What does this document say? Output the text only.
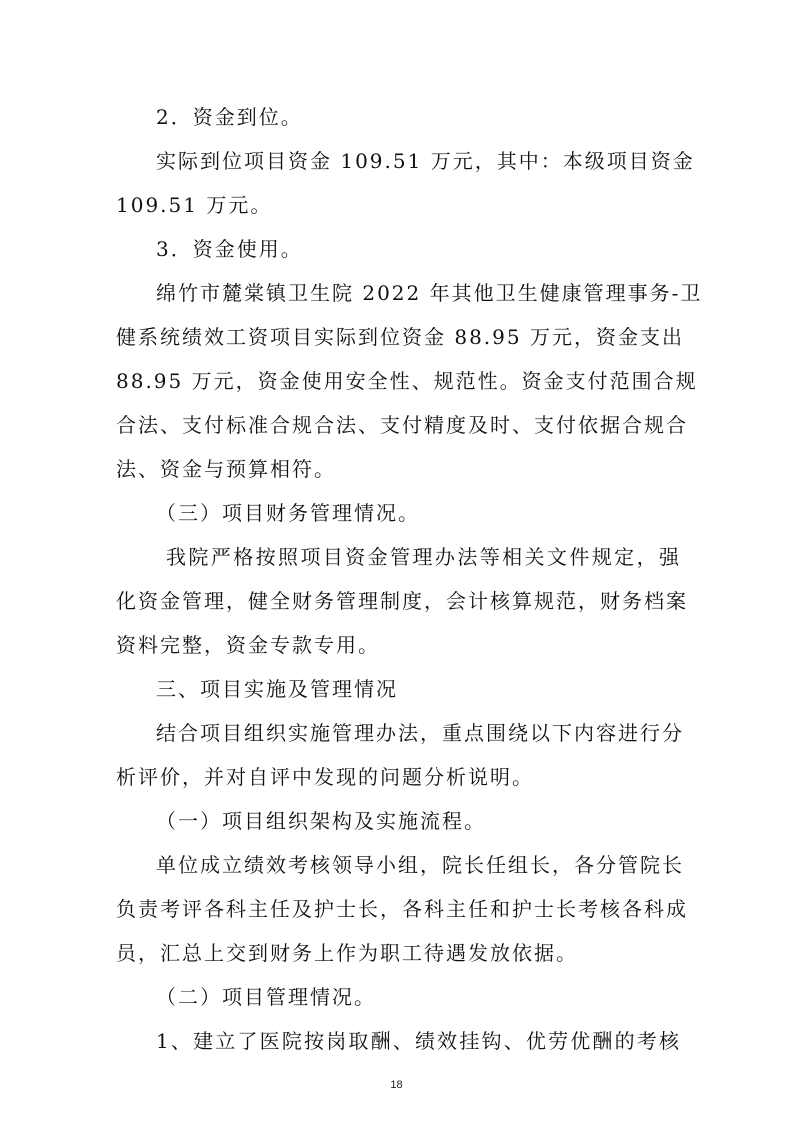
2．资金到位。
实际到位项目资金 109.51 万元，其中：本级项目资金
109.51 万元。
3．资金使用。
绵竹市麓棠镇卫生院 2022 年其他卫生健康管理事务-卫
健系统绩效工资项目实际到位资金 88.95 万元，资金支出
88.95 万元，资金使用安全性、规范性。资金支付范围合规
合法、支付标准合规合法、支付精度及时、支付依据合规合
法、资金与预算相符。
（三）项目财务管理情况。
我院严格按照项目资金管理办法等相关文件规定，强
化资金管理，健全财务管理制度，会计核算规范，财务档案
资料完整，资金专款专用。
三、项目实施及管理情况
结合项目组织实施管理办法，重点围绕以下内容进行分
析评价，并对自评中发现的问题分析说明。
（一）项目组织架构及实施流程。
单位成立绩效考核领导小组，院长任组长，各分管院长
负责考评各科主任及护士长，各科主任和护士长考核各科成
员，汇总上交到财务上作为职工待遇发放依据。
（二）项目管理情况。
1、建立了医院按岗取酬、绩效挂钩、优劳优酬的考核
18
